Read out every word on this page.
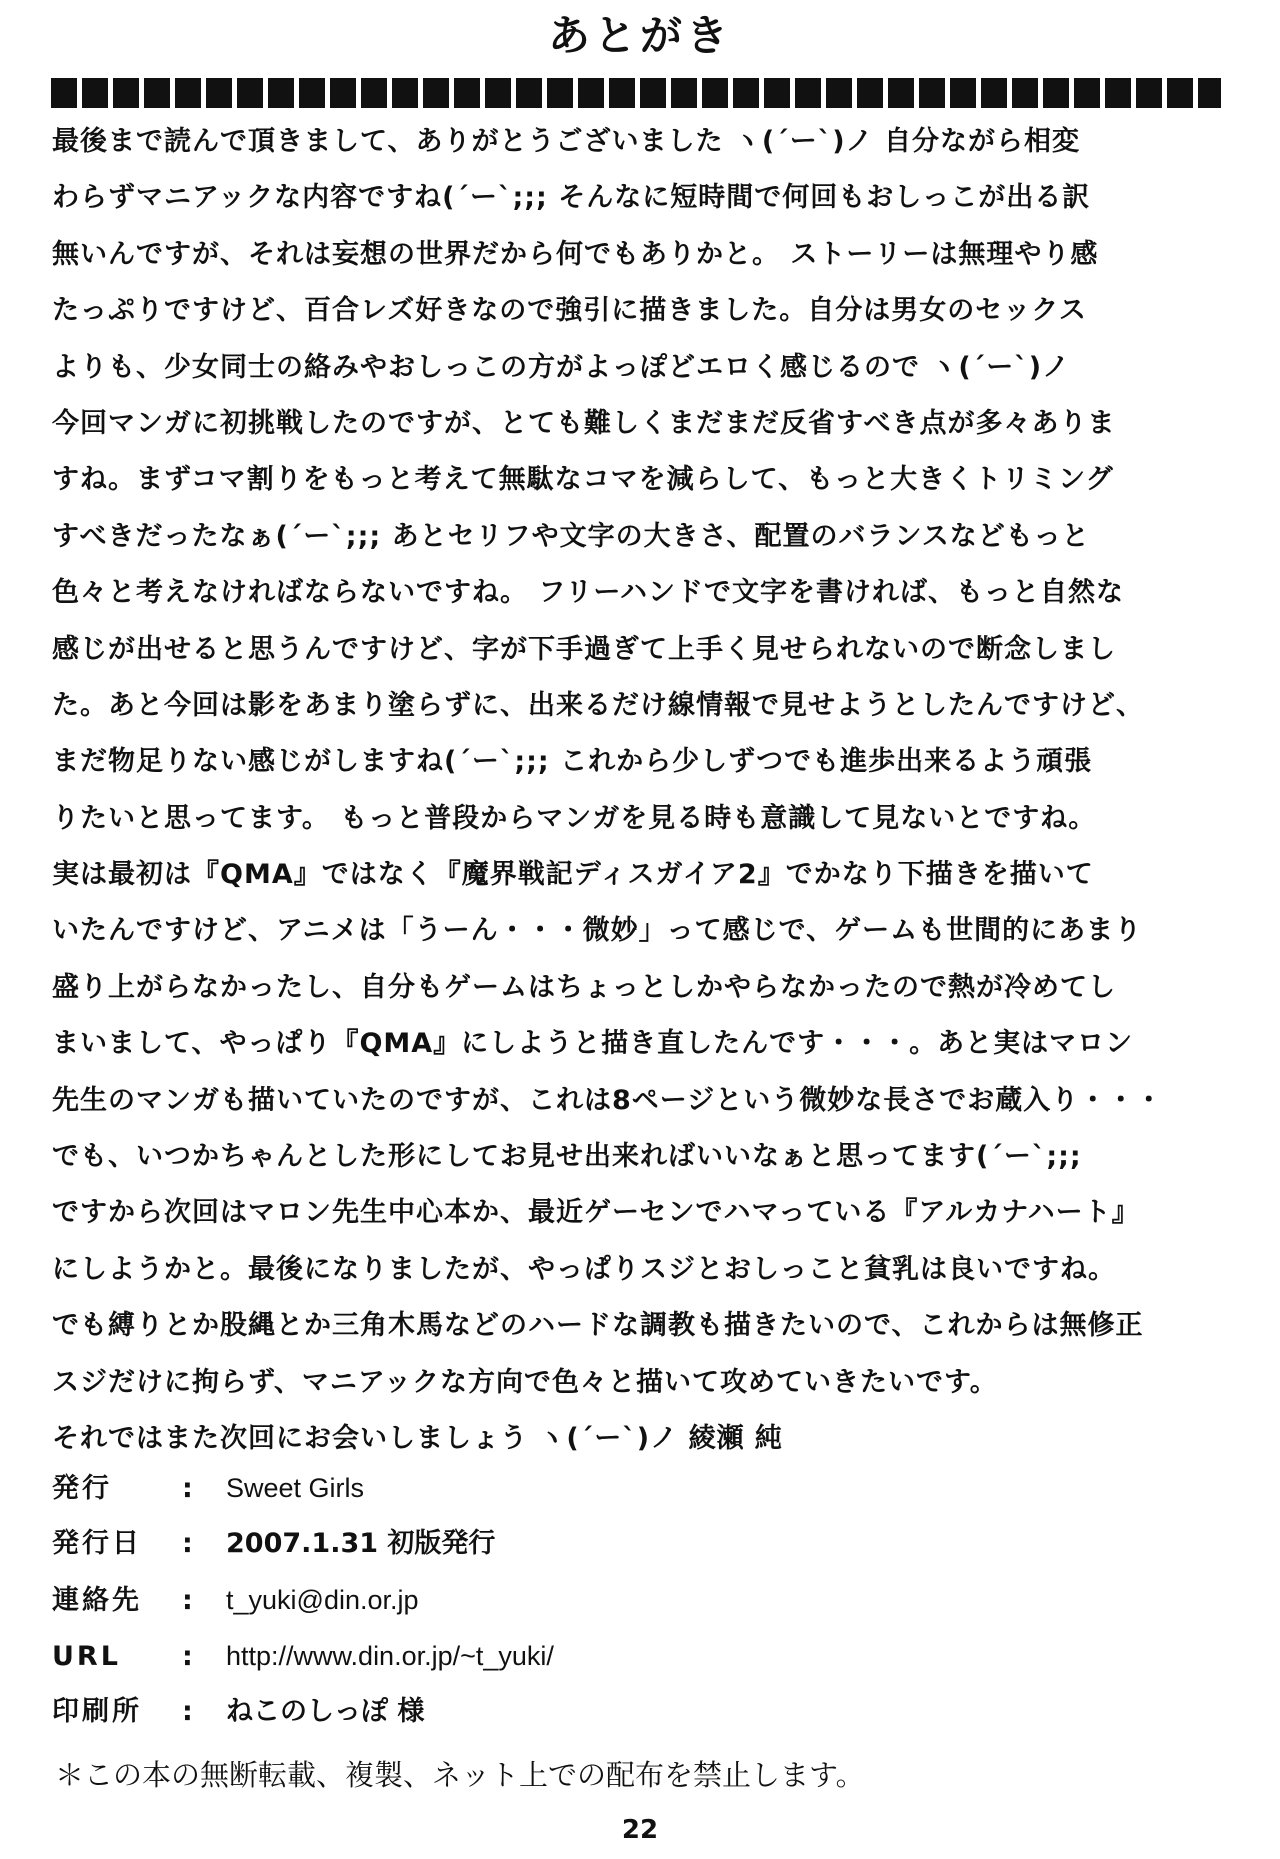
あとがき
最後まで読んで頂きまして、ありがとうございました ヽ(´ー`)ノ 自分ながら相変
わらずマニアックな内容ですね(´ー`;;; そんなに短時間で何回もおしっこが出る訳
無いんですが、それは妄想の世界だから何でもありかと。 ストーリーは無理やり感
たっぷりですけど、百合レズ好きなので強引に描きました。自分は男女のセックス
よりも、少女同士の絡みやおしっこの方がよっぽどエロく感じるので ヽ(´ー`)ノ
今回マンガに初挑戦したのですが、とても難しくまだまだ反省すべき点が多々ありま
すね。まずコマ割りをもっと考えて無駄なコマを減らして、もっと大きくトリミング
すべきだったなぁ(´ー`;;; あとセリフや文字の大きさ、配置のバランスなどもっと
色々と考えなければならないですね。 フリーハンドで文字を書ければ、もっと自然な
感じが出せると思うんですけど、字が下手過ぎて上手く見せられないので断念しまし
た。あと今回は影をあまり塗らずに、出来るだけ線情報で見せようとしたんですけど、
まだ物足りない感じがしますね(´ー`;;; これから少しずつでも進歩出来るよう頑張
りたいと思ってます。 もっと普段からマンガを見る時も意識して見ないとですね。
実は最初は『QMA』ではなく『魔界戦記ディスガイア2』でかなり下描きを描いて
いたんですけど、アニメは「うーん・・・微妙」って感じで、ゲームも世間的にあまり
盛り上がらなかったし、自分もゲームはちょっとしかやらなかったので熱が冷めてし
まいまして、やっぱり『QMA』にしようと描き直したんです・・・。あと実はマロン
先生のマンガも描いていたのですが、これは8ページという微妙な長さでお蔵入り・・・
でも、いつかちゃんとした形にしてお見せ出来ればいいなぁと思ってます(´ー`;;;
ですから次回はマロン先生中心本か、最近ゲーセンでハマっている『アルカナハート』
にしようかと。最後になりましたが、やっぱりスジとおしっこと貧乳は良いですね。
でも縛りとか股縄とか三角木馬などのハードな調教も描きたいので、これからは無修正
スジだけに拘らず、マニアックな方向で色々と描いて攻めていきたいです。
それではまた次回にお会いしましょう ヽ(´ー`)ノ 綾瀬 純
発行	: Sweet Girls
発行日 : 2007.1.31 初版発行
連絡先 : t_yuki@din.or.jp
URL : http://www.din.or.jp/~t_yuki/
印刷所 : ねこのしっぽ 様
＊この本の無断転載、複製、ネット上での配布を禁止します。
22
